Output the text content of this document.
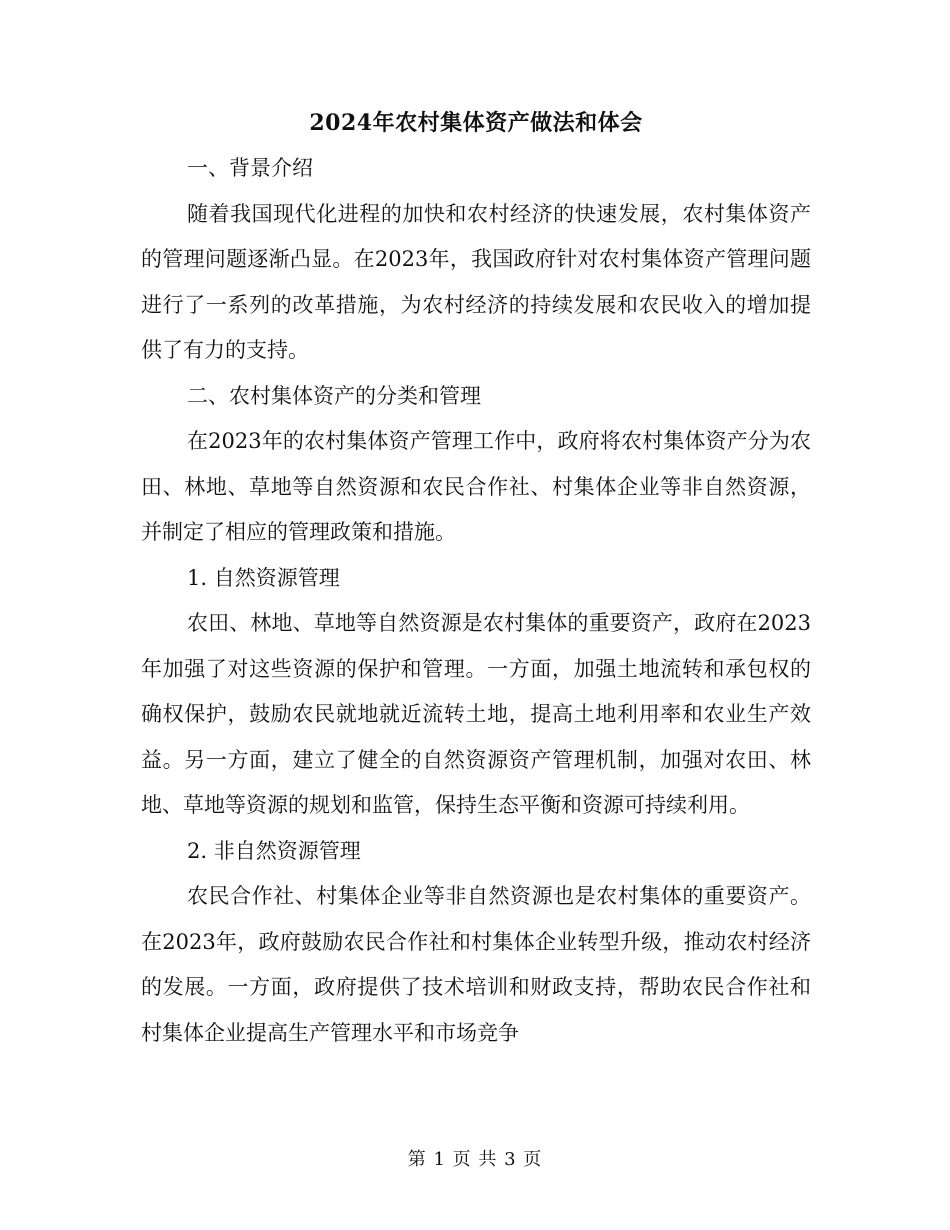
2024年农村集体资产做法和体会

一、背景介绍

随着我国现代化进程的加快和农村经济的快速发展，农村集体资产的管理问题逐渐凸显。在2023年，我国政府针对农村集体资产管理问题进行了一系列的改革措施，为农村经济的持续发展和农民收入的增加提供了有力的支持。

二、农村集体资产的分类和管理

在2023年的农村集体资产管理工作中，政府将农村集体资产分为农田、林地、草地等自然资源和农民合作社、村集体企业等非自然资源，并制定了相应的管理政策和措施。

1. 自然资源管理

农田、林地、草地等自然资源是农村集体的重要资产，政府在2023年加强了对这些资源的保护和管理。一方面，加强土地流转和承包权的确权保护，鼓励农民就地就近流转土地，提高土地利用率和农业生产效益。另一方面，建立了健全的自然资源资产管理机制，加强对农田、林地、草地等资源的规划和监管，保持生态平衡和资源可持续利用。

2. 非自然资源管理

农民合作社、村集体企业等非自然资源也是农村集体的重要资产。在2023年，政府鼓励农民合作社和村集体企业转型升级，推动农村经济的发展。一方面，政府提供了技术培训和财政支持，帮助农民合作社和村集体企业提高生产管理水平和市场竞争

第 1 页 共 3 页
